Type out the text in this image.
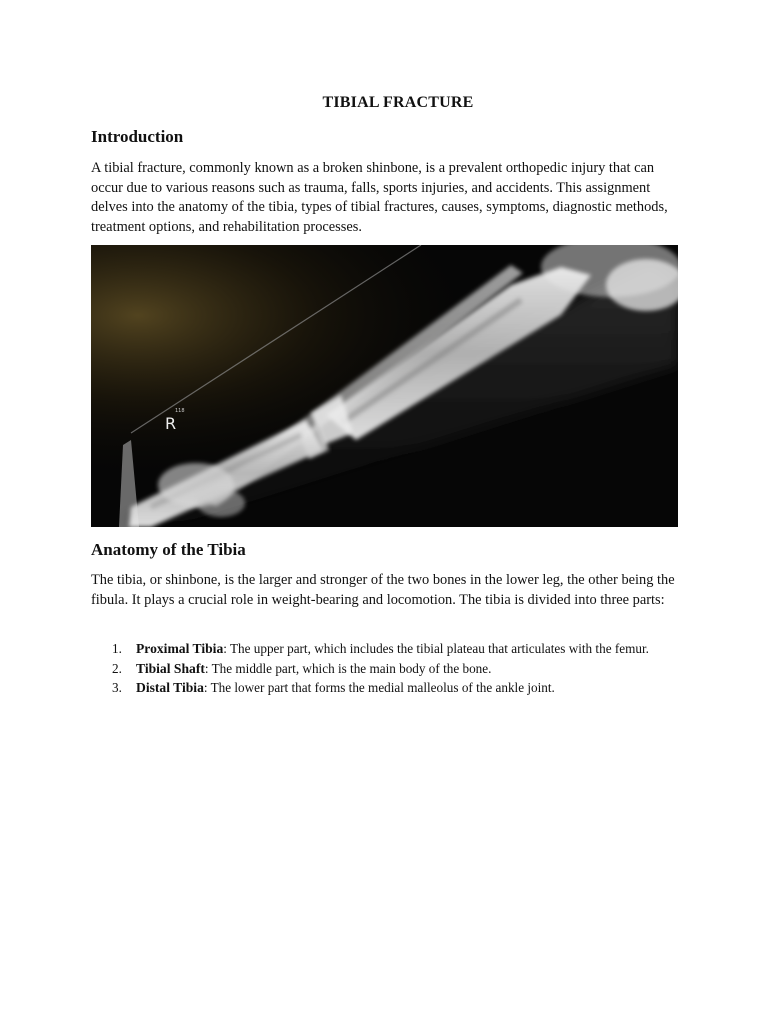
TIBIAL FRACTURE
Introduction
A tibial fracture, commonly known as a broken shinbone, is a prevalent orthopedic injury that can occur due to various reasons such as trauma, falls, sports injuries, and accidents. This assignment delves into the anatomy of the tibia, types of tibial fractures, causes, symptoms, diagnostic methods, treatment options, and rehabilitation processes.
R
118
Anatomy of the Tibia
The tibia, or shinbone, is the larger and stronger of the two bones in the lower leg, the other being the fibula. It plays a crucial role in weight-bearing and locomotion. The tibia is divided into three parts:
1. Proximal Tibia: The upper part, which includes the tibial plateau that articulates with the femur.
2. Tibial Shaft: The middle part, which is the main body of the bone.
3. Distal Tibia: The lower part that forms the medial malleolus of the ankle joint.
